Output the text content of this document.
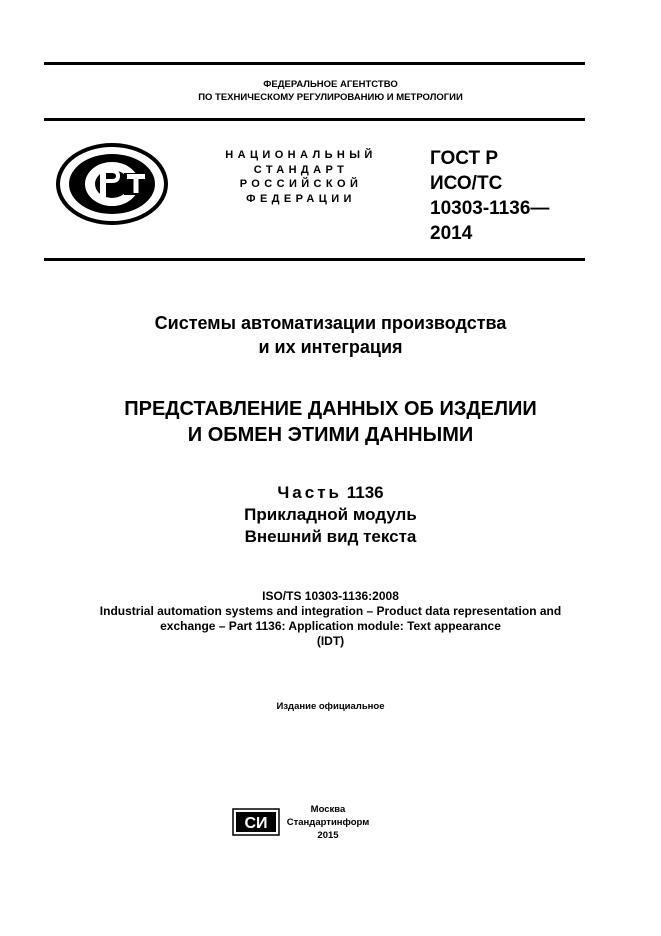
ФЕДЕРАЛЬНОЕ АГЕНТСТВО
ПО ТЕХНИЧЕСКОМУ РЕГУЛИРОВАНИЮ И МЕТРОЛОГИИ
НАЦИОНАЛЬНЫЙ
СТАНДАРТ
РОССИЙСКОЙ
ФЕДЕРАЦИИ
ГОСТ Р
ИСО/ТС
10303-1136—
2014
Системы автоматизации производства
и их интеграция
ПРЕДСТАВЛЕНИЕ ДАННЫХ ОБ ИЗДЕЛИИ
И ОБМЕН ЭТИМИ ДАННЫМИ
Часть 1136
Прикладной модуль
Внешний вид текста
ISO/TS 10303-1136:2008
Industrial automation systems and integration – Product data representation and
exchange – Part 1136: Application module: Text appearance
(IDT)
Издание официальное
СИ
Москва
Стандартинформ
2015
